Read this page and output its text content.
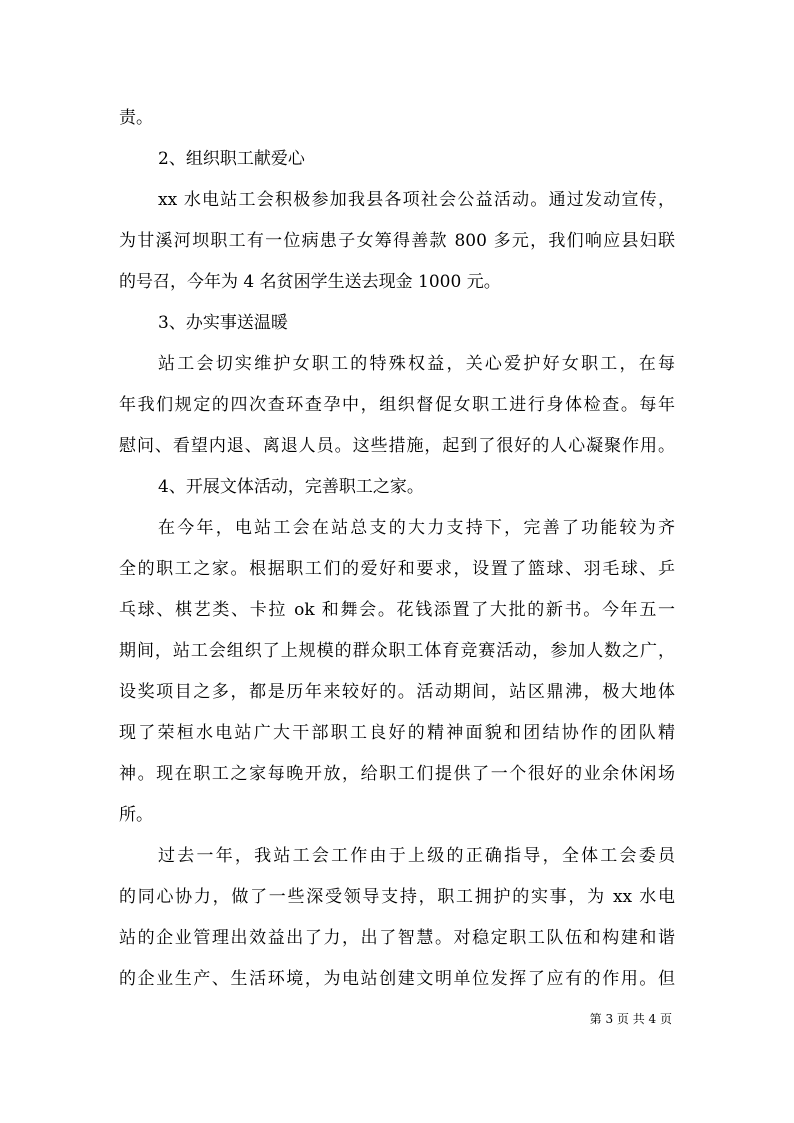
责。
2、组织职工献爱心
xx 水电站工会积极参加我县各项社会公益活动。通过发动宣传，
为甘溪河坝职工有一位病患子女筹得善款 800 多元，我们响应县妇联
的号召，今年为 4 名贫困学生送去现金 1000 元。
3、办实事送温暖
站工会切实维护女职工的特殊权益，关心爱护好女职工，在每
年我们规定的四次查环查孕中，组织督促女职工进行身体检查。每年
慰问、看望内退、离退人员。这些措施，起到了很好的人心凝聚作用。
4、开展文体活动，完善职工之家。
在今年，电站工会在站总支的大力支持下，完善了功能较为齐
全的职工之家。根据职工们的爱好和要求，设置了篮球、羽毛球、乒
乓球、棋艺类、卡拉 ok 和舞会。花钱添置了大批的新书。今年五一
期间，站工会组织了上规模的群众职工体育竞赛活动，参加人数之广，
设奖项目之多，都是历年来较好的。活动期间，站区鼎沸，极大地体
现了荣桓水电站广大干部职工良好的精神面貌和团结协作的团队精
神。现在职工之家每晚开放，给职工们提供了一个很好的业余休闲场
所。
过去一年，我站工会工作由于上级的正确指导，全体工会委员
的同心协力，做了一些深受领导支持，职工拥护的实事，为 xx 水电
站的企业管理出效益出了力，出了智慧。对稳定职工队伍和构建和谐
的企业生产、生活环境，为电站创建文明单位发挥了应有的作用。但
第 3 页 共 4 页
